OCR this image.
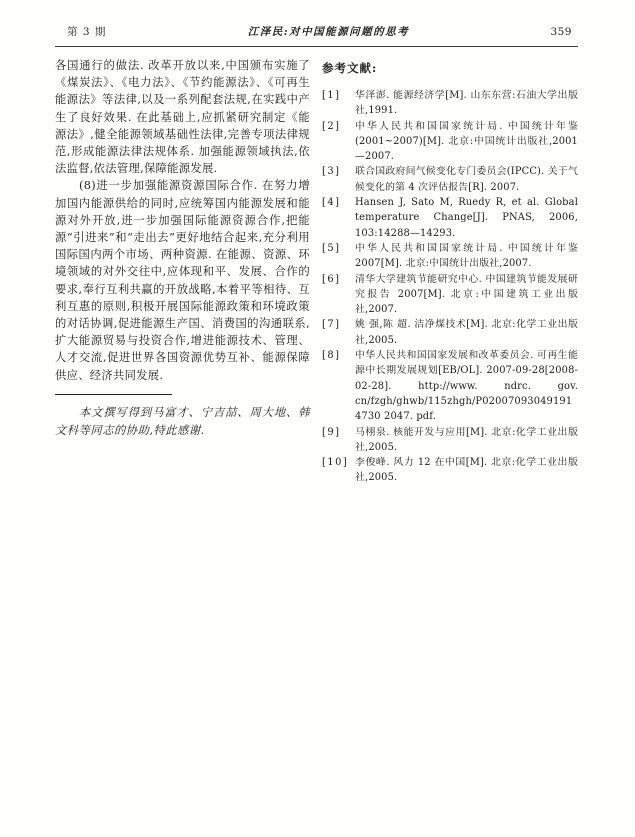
第 3 期	江泽民:对中国能源问题的思考	359

各国通行的做法. 改革开放以来,中国颁布实施了《煤炭法》、《电力法》、《节约能源法》、《可再生能源法》等法律,以及一系列配套法规,在实践中产生了良好效果. 在此基础上,应抓紧研究制定《能源法》,健全能源领域基础性法律,完善专项法律规范,形成能源法律法规体系. 加强能源领域执法,依法监督,依法管理,保障能源发展.

(8)进一步加强能源资源国际合作. 在努力增加国内能源供给的同时,应统筹国内能源发展和能源对外开放,进一步加强国际能源资源合作,把能源“引进来”和“走出去”更好地结合起来,充分利用国际国内两个市场、两种资源. 在能源、资源、环境领域的对外交往中,应体现和平、发展、合作的要求,奉行互利共赢的开放战略,本着平等相待、互利互惠的原则,积极开展国际能源政策和环境政策的对话协调,促进能源生产国、消费国的沟通联系,扩大能源贸易与投资合作,增进能源技术、管理、人才交流,促进世界各国资源优势互补、能源保障供应、经济共同发展.

本文撰写得到马富才、宁吉喆、周大地、韩文科等同志的协助,特此感谢.

参考文献:
[1]	华泽澎. 能源经济学[M]. 山东东营:石油大学出版社,1991.
[2]	中华人民共和国国家统计局. 中国统计年鉴(2001~2007)[M]. 北京:中国统计出版社,2001—2007.
[3]	联合国政府间气候变化专门委员会(IPCC). 关于气候变化的第 4 次评估报告[R]. 2007.
[4]	Hansen J, Sato M, Ruedy R, et al. Global temperature Change[J]. PNAS, 2006, 103:14288—14293.
[5]	中华人民共和国国家统计局. 中国统计年鉴 2007[M]. 北京:中国统计出版社,2007.
[6]	清华大学建筑节能研究中心. 中国建筑节能发展研究报告 2007[M]. 北京:中国建筑工业出版社,2007.
[7]	姚 强,陈 超. 洁净煤技术[M]. 北京:化学工业出版社,2005.
[8]	中华人民共和国国家发展和改革委员会. 可再生能源中长期发展规划[EB/OL]. 2007-09-28[2008-02-28]. http://www. ndrc. gov. cn/fzgh/ghwb/115zhgh/P020070930491914730 2047. pdf.
[9]	马栩泉. 核能开发与应用[M]. 北京:化学工业出版社,2005.
[10] 李俊峰. 风力 12 在中国[M]. 北京:化学工业出版社,2005.
